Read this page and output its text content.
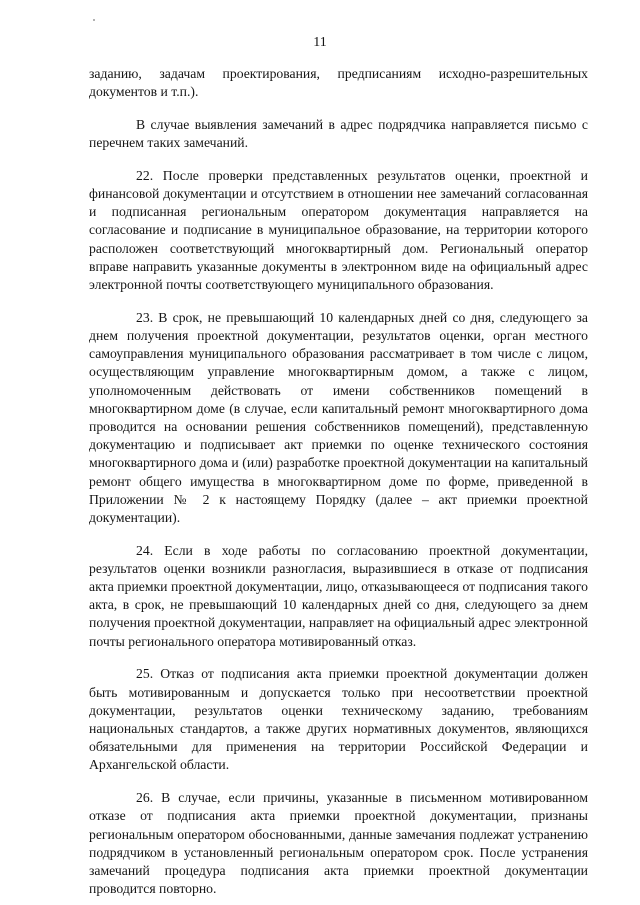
11

заданию, задачам проектирования, предписаниям исходно-разрешительных документов и т.п.).

В случае выявления замечаний в адрес подрядчика направляется письмо с перечнем таких замечаний.

22. После проверки представленных результатов оценки, проектной и финансовой документации и отсутствием в отношении нее замечаний согласованная и подписанная региональным оператором документация направляется на согласование и подписание в муниципальное образование, на территории которого расположен соответствующий многоквартирный дом. Региональный оператор вправе направить указанные документы в электронном виде на официальный адрес электронной почты соответствующего муниципального образования.

23. В срок, не превышающий 10 календарных дней со дня, следующего за днем получения проектной документации, результатов оценки, орган местного самоуправления муниципального образования рассматривает в том числе с лицом, осуществляющим управление многоквартирным домом, а также с лицом, уполномоченным действовать от имени собственников помещений в многоквартирном доме (в случае, если капитальный ремонт многоквартирного дома проводится на основании решения собственников помещений), представленную документацию и подписывает акт приемки по оценке технического состояния многоквартирного дома и (или) разработке проектной документации на капитальный ремонт общего имущества в многоквартирном доме по форме, приведенной в Приложении № 2 к настоящему Порядку (далее – акт приемки проектной документации).

24. Если в ходе работы по согласованию проектной документации, результатов оценки возникли разногласия, выразившиеся в отказе от подписания акта приемки проектной документации, лицо, отказывающееся от подписания такого акта, в срок, не превышающий 10 календарных дней со дня, следующего за днем получения проектной документации, направляет на официальный адрес электронной почты регионального оператора мотивированный отказ.

25. Отказ от подписания акта приемки проектной документации должен быть мотивированным и допускается только при несоответствии проектной документации, результатов оценки техническому заданию, требованиям национальных стандартов, а также других нормативных документов, являющихся обязательными для применения на территории Российской Федерации и Архангельской области.

26. В случае, если причины, указанные в письменном мотивированном отказе от подписания акта приемки проектной документации, признаны региональным оператором обоснованными, данные замечания подлежат устранению подрядчиком в установленный региональным оператором срок. После устранения замечаний процедура подписания акта приемки проектной документации проводится повторно.
